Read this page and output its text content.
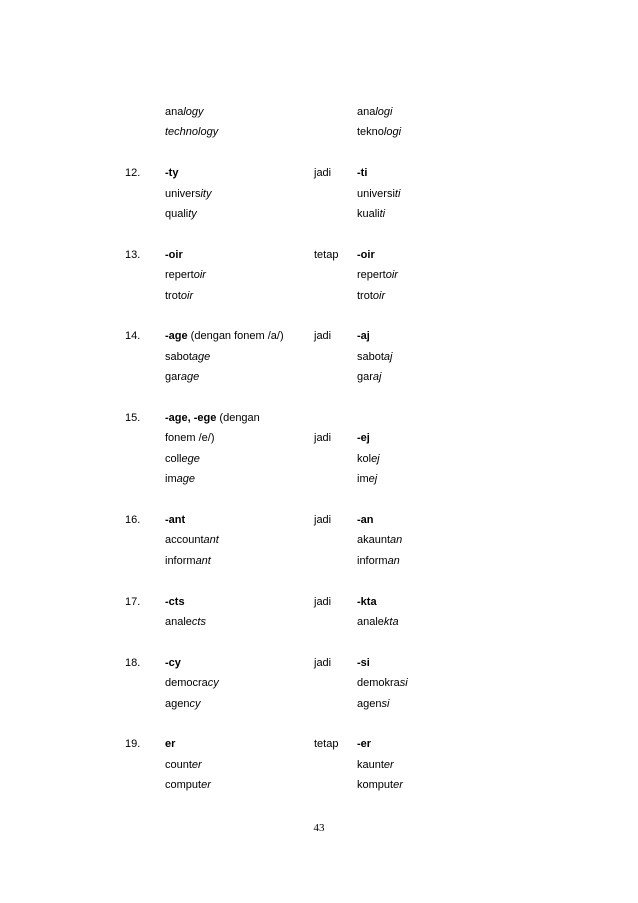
analogy	analogi
technology	teknologi
12. -ty	jadi -ti
university	universiti
quality	kualiti
13. -oir	tetap -oir
repertoir	repertoir
trotoir	trotoir
14. -age (dengan fonem /a/)	jadi -aj
sabotage	sabotaj
garage	garaj
15. -age, -ege (dengan
fonem /e/)	jadi -ej
college	kolej
image	imej
16. -ant	jadi -an
accountant	akauntan
informant	informan
17. -cts	jadi -kta
analects	analekta
18. -cy	jadi -si
democracy	demokrasi
agency	agensi
19. er	tetap -er
counter	kaunter
computer	komputer
43
